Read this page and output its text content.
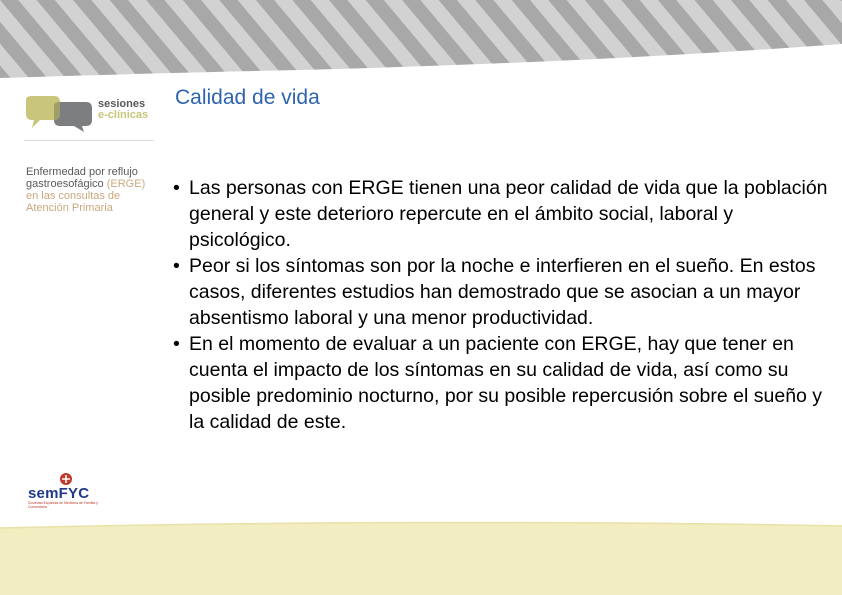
sesiones
e-clínicas
Enfermedad por reflujo
gastroesofágico (ERGE)
en las consultas de
Atención Primaria
semFYC
Sociedad Española de Medicina de Familia y Comunitaria
Calidad de vida

• Las personas con ERGE tienen una peor calidad de vida que la población general y este deterioro repercute en el ámbito social, laboral y psicológico.

• Peor si los síntomas son por la noche e interfieren en el sueño. En estos casos, diferentes estudios han demostrado que se asocian a un mayor absentismo laboral y una menor productividad.

• En el momento de evaluar a un paciente con ERGE, hay que tener en cuenta el impacto de los síntomas en su calidad de vida, así como su posible predominio nocturno, por su posible repercusión sobre el sueño y la calidad de este.
